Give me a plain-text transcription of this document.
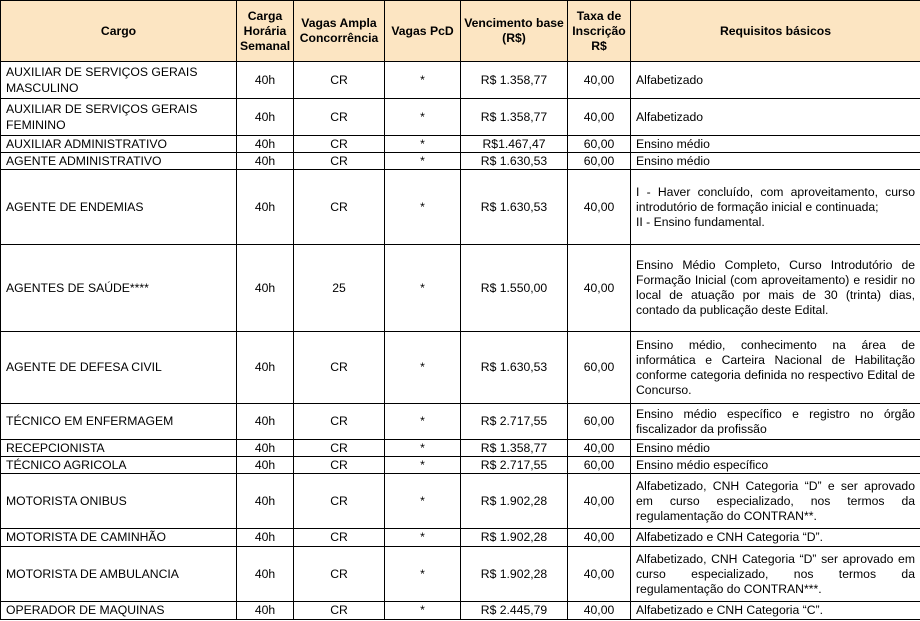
Cargo	Carga Horária Semanal	Vagas Ampla Concorrência	Vagas PcD	Vencimento base (R$)	Taxa de Inscrição R$	Requisitos básicos
AUXILIAR DE SERVIÇOS GERAIS MASCULINO	40h	CR	*	R$ 1.358,77	40,00	Alfabetizado
AUXILIAR DE SERVIÇOS GERAIS FEMININO	40h	CR	*	R$ 1.358,77	40,00	Alfabetizado
AUXILIAR ADMINISTRATIVO	40h	CR	*	R$1.467,47	60,00	Ensino médio
AGENTE ADMINISTRATIVO	40h	CR	*	R$ 1.630,53	60,00	Ensino médio
AGENTE DE ENDEMIAS	40h	CR	*	R$ 1.630,53	40,00	I - Haver concluído, com aproveitamento, curso introdutório de formação inicial e continuada;
II - Ensino fundamental.

AGENTES DE SAÚDE****	40h	25	*	R$ 1.550,00	40,00	Ensino Médio Completo, Curso Introdutório de Formação Inicial (com aproveitamento) e residir no local de atuação por mais de 30 (trinta) dias, contado da publicação deste Edital.
AGENTE DE DEFESA CIVIL	40h	CR	*	R$ 1.630,53	60,00	Ensino médio, conhecimento na área de informática e Carteira Nacional de Habilitação conforme categoria definida no respectivo Edital de Concurso.
TÉCNICO EM ENFERMAGEM	40h	CR	*	R$ 2.717,55	60,00	Ensino médio específico e registro no órgão fiscalizador da profissão
RECEPCIONISTA	40h	CR	*	R$ 1.358,77	40,00	Ensino médio
TÉCNICO AGRICOLA	40h	CR	*	R$ 2.717,55	60,00	Ensino médio específico
MOTORISTA ONIBUS	40h	CR	*	R$ 1.902,28	40,00	Alfabetizado, CNH Categoria “D” e ser aprovado em curso especializado, nos termos da regulamentação do CONTRAN**.
MOTORISTA DE CAMINHÃO	40h	CR	*	R$ 1.902,28	40,00	Alfabetizado e CNH Categoria “D”.
MOTORISTA DE AMBULANCIA	40h	CR	*	R$ 1.902,28	40,00	Alfabetizado, CNH Categoria “D” ser aprovado em curso especializado, nos termos da regulamentação do CONTRAN***.
OPERADOR DE MAQUINAS	40h	CR	*	R$ 2.445,79	40,00	Alfabetizado e CNH Categoria “C”.
